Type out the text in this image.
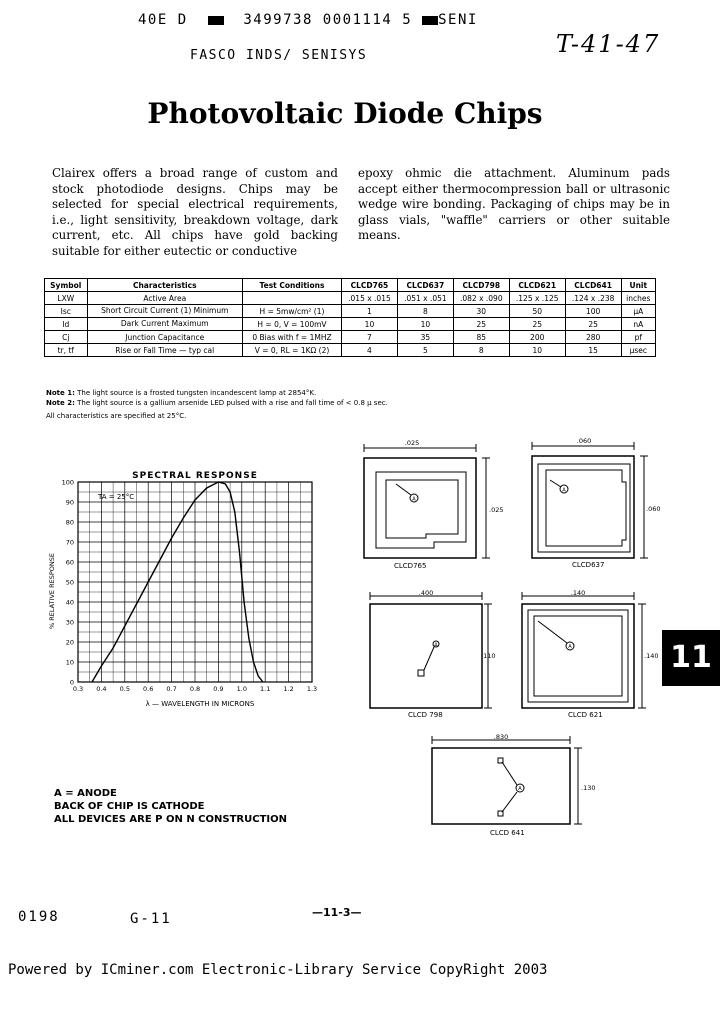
40E D	3499738 0001114 5 SENI
FASCO INDS/ SENISYS	T-41-47
Photovoltaic Diode Chips
Clairex offers a broad range of custom and stock photodiode designs. Chips may be selected for special electrical requirements, i.e., light sensitivity, breakdown voltage, dark current, etc. All chips have gold backing suitable for either eutectic or conductive
epoxy ohmic die attachment. Aluminum pads accept either thermocompression ball or ultrasonic wedge wire bonding. Packaging of chips may be in glass vials, "waffle" carriers or other suitable means.
Symbol	Characteristics	Test Conditions	CLCD765	CLCD637	CLCD798	CLCD621	CLCD641	Unit
LXW	Active Area		.015 x .015	.051 x .051	.082 x .090	.125 x .125	.124 x .238	inches
Isc	Short Circuit Current (1) Minimum	H = 5mw/cm² (1)	1	8	30	50	100	μA
Id	Dark Current Maximum	H = 0, V = 100mV	10	10	25	25	25	nA
Cj	Junction Capacitance	0 Bias with f = 1MHZ	7	35	85	200	280	pf
tr, tf	Rise or Fall Time — typ cal	V = 0, RL = 1KΩ (2)	4	5	8	10	15	μsec
Note 1: The light source is a frosted tungsten incandescent lamp at 2854°K.
Note 2: The light source is a gallium arsenide LED pulsed with a rise and fall time of < 0.8 μ sec.
All characteristics are specified at 25°C.
SPECTRAL RESPONSE
0.3 0.4 0.5 0.6 0.7 0.8 0.9 1.0 1.1 1.2 1.3
0
10
20
30
40
50
60
70
80
90
100
% RELATIVE RESPONSE
λ — WAVELENGTH IN MICRONS
TA = 25°C
.025
.025
A
CLCD765
.060
.060
A
CLCD637
.400
.110
A
CLCD 798
.140
.140
A
CLCD 621
.830
.130
A
CLCD 641
11
A = ANODE
BACK OF CHIP IS CATHODE
ALL DEVICES ARE P ON N CONSTRUCTION
0198	G-11	—11-3—
Powered by ICminer.com Electronic-Library Service CopyRight 2003
